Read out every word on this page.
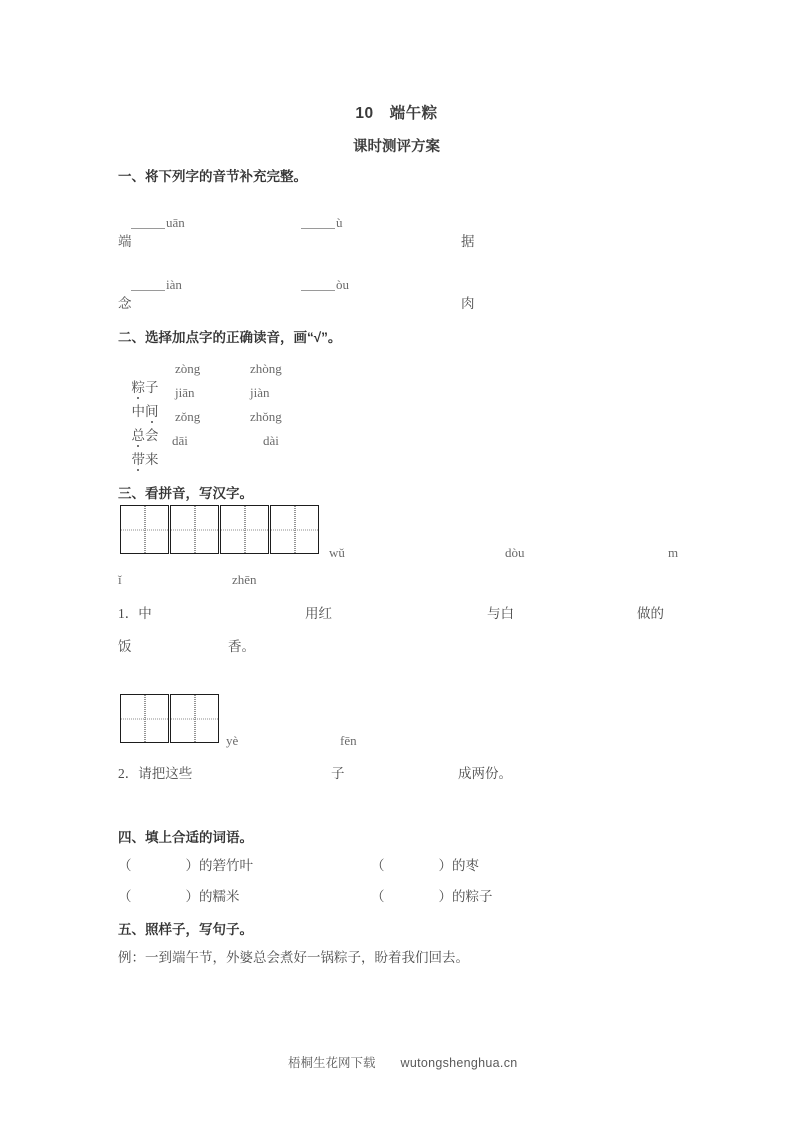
10　端午粽
课时测评方案
一、将下列字的音节补充完整。

uān
	ù

端	据

iàn
	òu

念	肉
二、选择加点字的正确读音，画“√”。

粽子

zòng	zhòng

中间

jiān	jiàn

总会

zǒng	zhǒng

带来

dāi	dài
三、看拼音，写汉字。
wǔ	dòu	m
ǐ	zhēn
1．中	用红	与白	做的
饭	香。
yè	fēn
2．请把这些	子	成两份。
四、填上合适的词语。
（　　　　）的箬竹叶	（　　　　）的枣
（　　　　）的糯米	（　　　　）的粽子
五、照样子，写句子。
例：一到端午节，外婆总会煮好一锅粽子，盼着我们回去。

梧桐生花网下载　　 wutongshenghua.cn
